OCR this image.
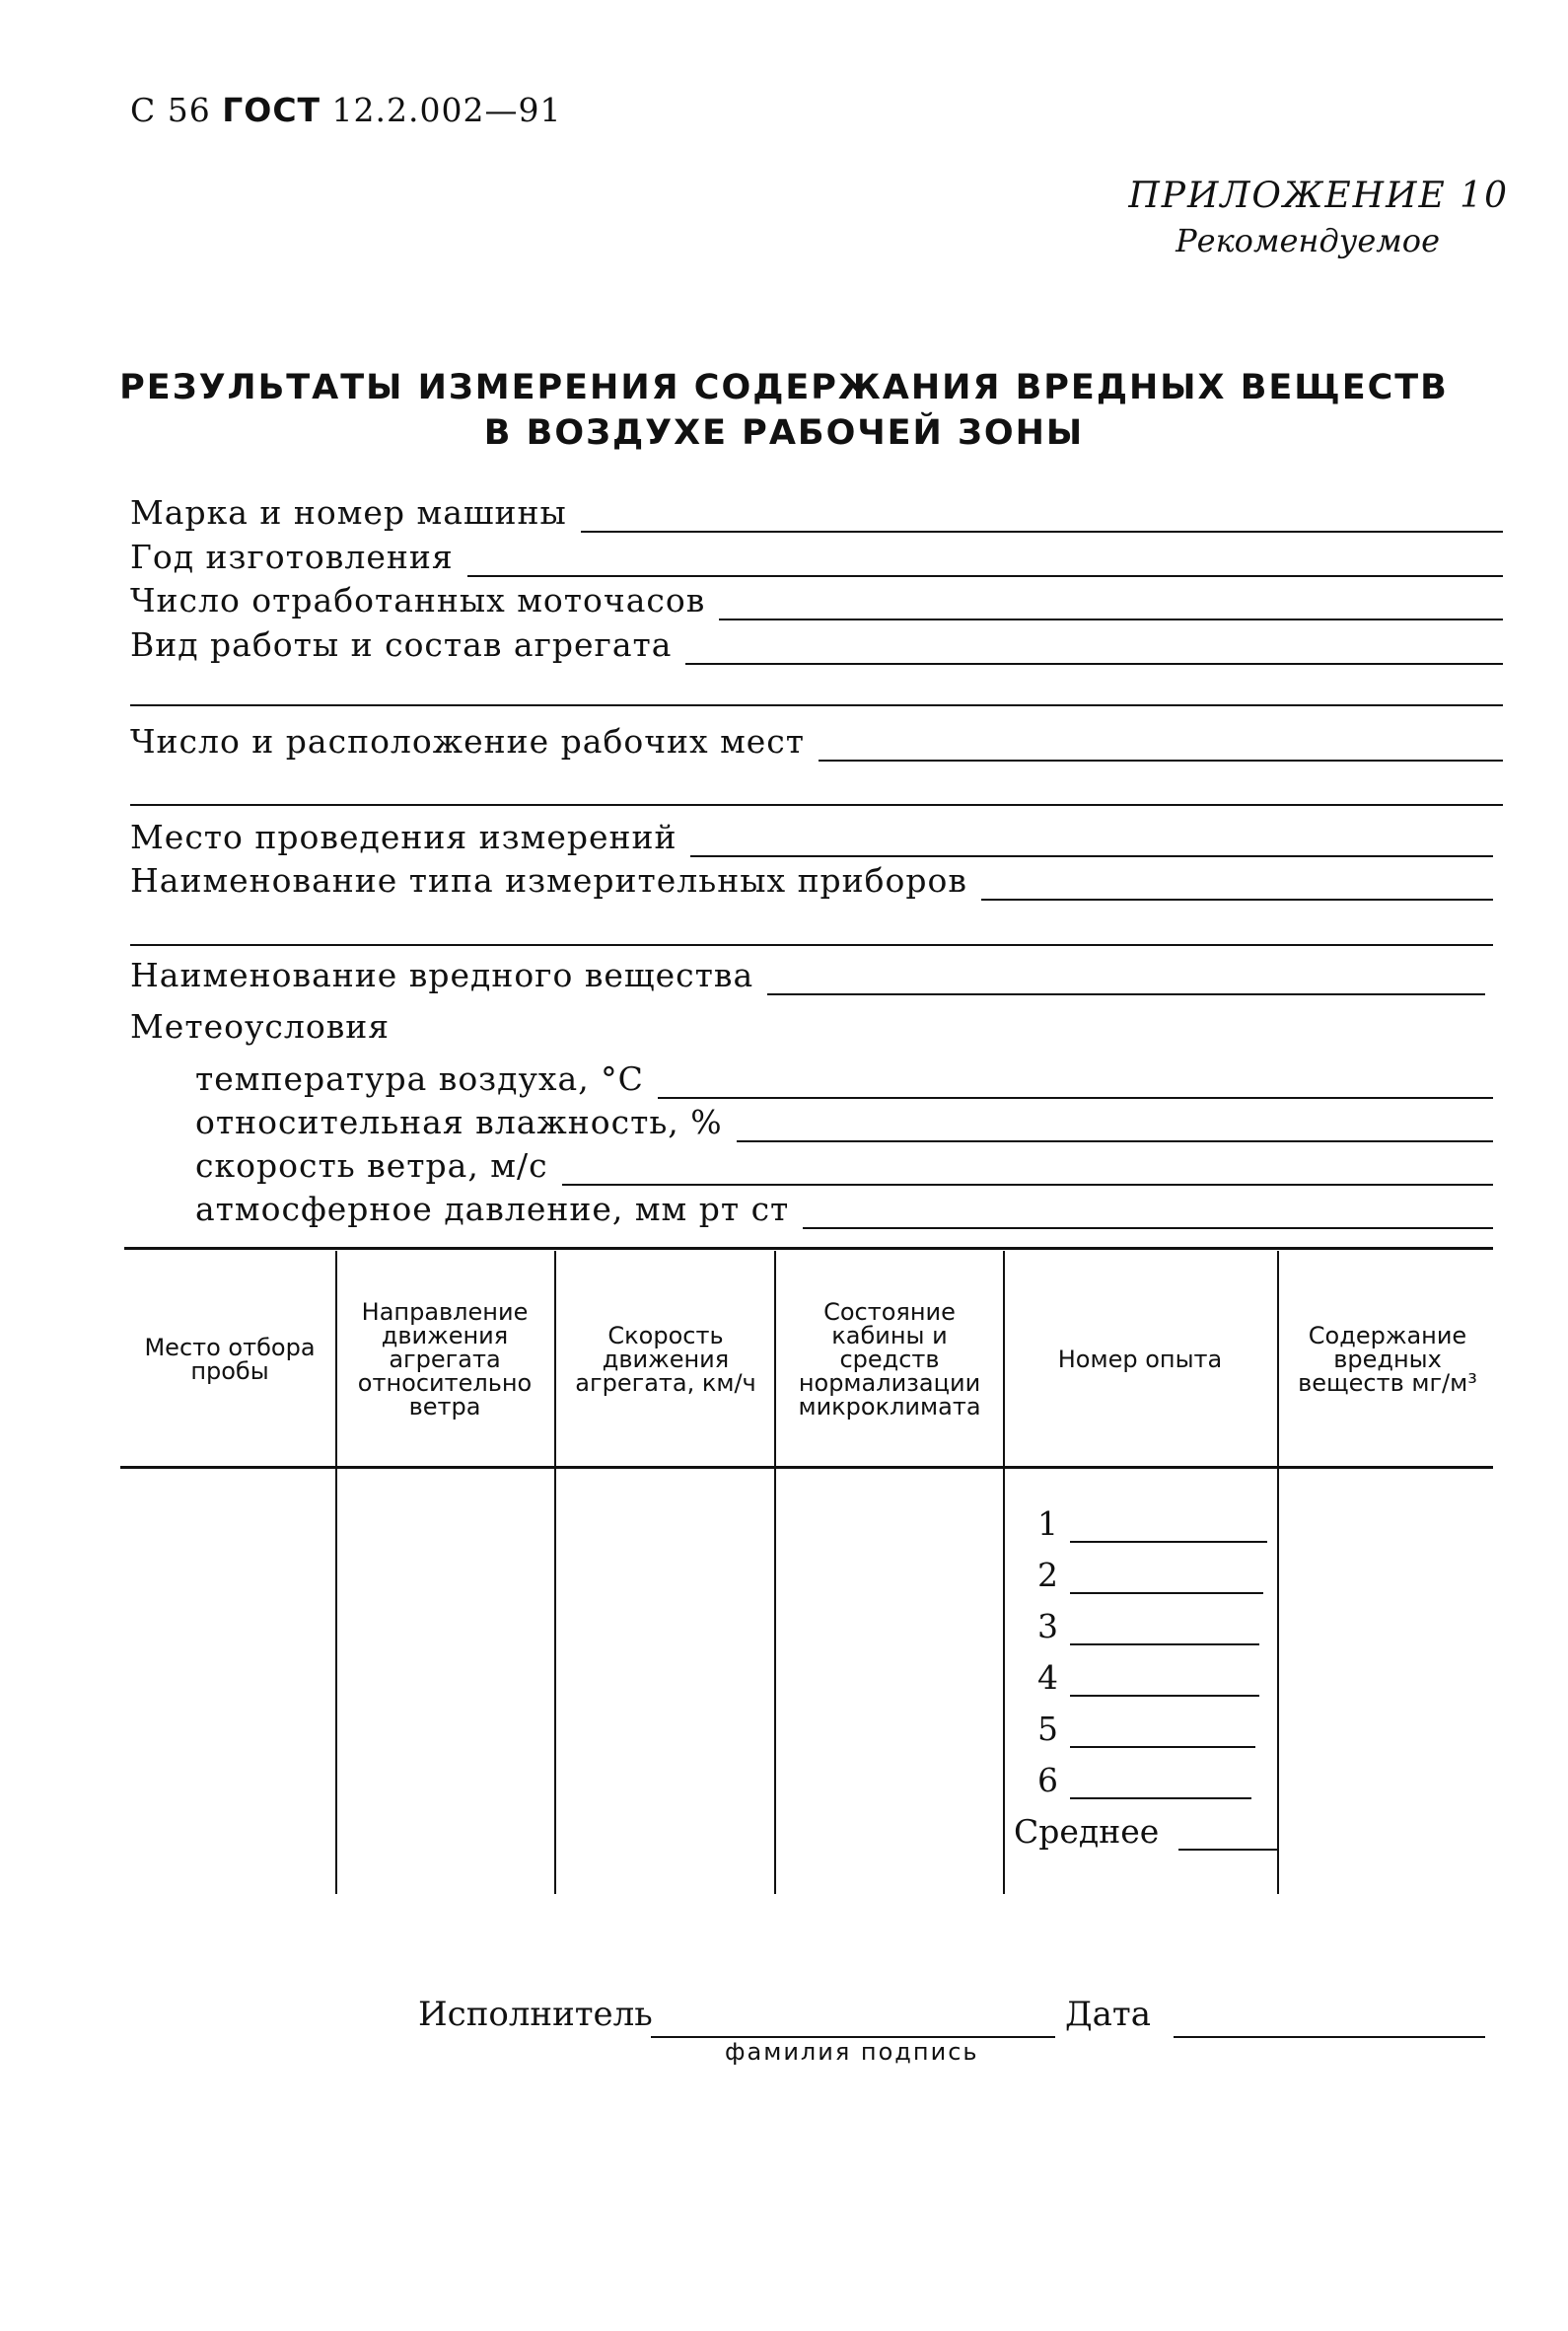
С 56 ГОСТ 12.2.002—91
ПРИЛОЖЕНИЕ 10
Рекомендуемое
РЕЗУЛЬТАТЫ ИЗМЕРЕНИЯ СОДЕРЖАНИЯ ВРЕДНЫХ ВЕЩЕСТВ
В ВОЗДУХЕ РАБОЧЕЙ ЗОНЫ
Марка и номер машины
Год изготовления
Число отработанных моточасов
Вид работы и состав агрегата
Число и расположение рабочих мест
Место проведения измерений
Наименование типа измерительных приборов
Наименование вредного вещества
Метеоусловия
температура воздуха, °С
относительная влажность, %
скорость ветра, м/с
атмосферное давление, мм рт ст
Место отбора пробы
Направление движения агрегата относительно ветра
Скорость движения агрегата, км/ч
Состояние кабины и средств нормализации микроклимата
Номер опыта
Содержание вредных веществ мг/м³
1
2
3
4
5
6
Среднее
Исполнитель	Дата
фамилия подпись
